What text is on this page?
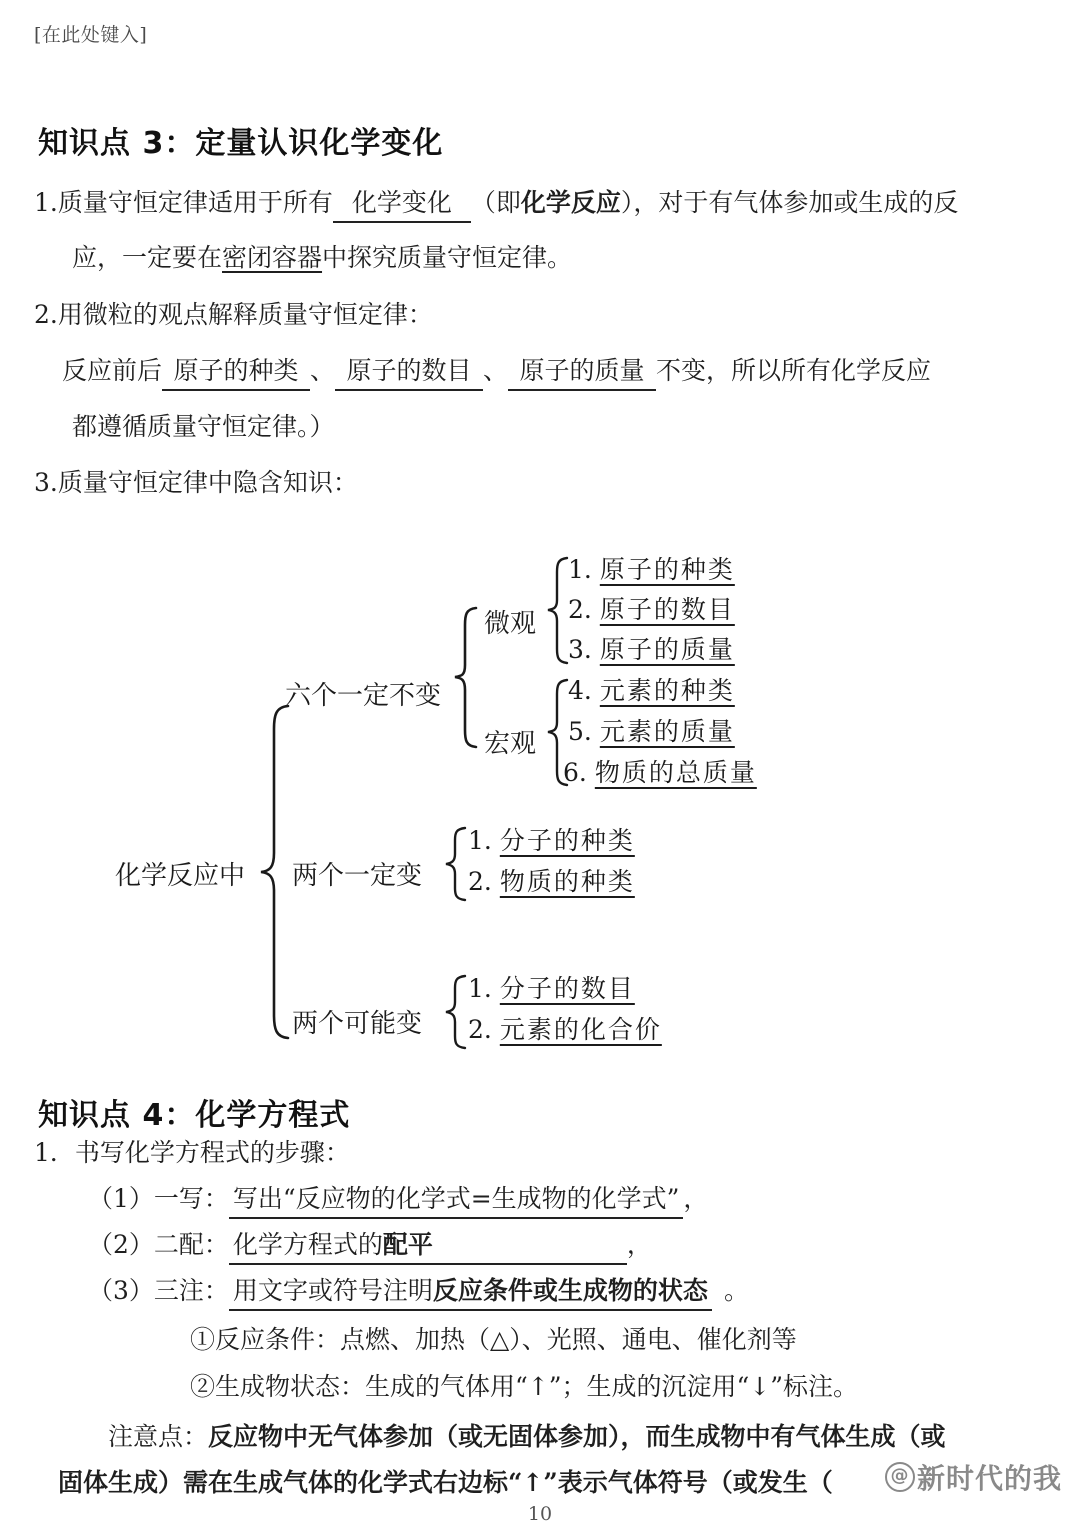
[在此处键入]
知识点 3：定量认识化学变化
1.质量守恒定律适用于所有 化学变化 （即化学反应），对于有气体参加或生成的反
应，一定要在密闭容器中探究质量守恒定律。
2.用微粒的观点解释质量守恒定律：
反应前后 原子的种类 、 原子的数目 、 原子的质量 不变，所以所有化学反应
都遵循质量守恒定律。）
3.质量守恒定律中隐含知识：
化学反应中
六个一定不变
微观
宏观
1. 原子的种类
2. 原子的数目
3. 原子的质量
4. 元素的种类
5. 元素的质量
6. 物质的总质量
两个一定变
1. 分子的种类
2. 物质的种类
两个可能变
1. 分子的数目
2. 元素的化合价
知识点 4：化学方程式
1．书写化学方程式的步骤：
（1）一写： 写出“反应物的化学式=生成物的化学式” ，
（2）二配： 化学方程式的配平	，
（3）三注： 用文字或符号注明反应条件或生成物的状态 。
①反应条件：点燃、加热（△）、光照、通电、催化剂等
②生成物状态：生成的气体用“↑”；生成的沉淀用“↓”标注。
注意点：反应物中无气体参加（或无固体参加），而生成物中有气体生成（或
固体生成）需在生成气体的化学式右边标“↑”表示气体符号（或发生（	@ 新时代的我
10
